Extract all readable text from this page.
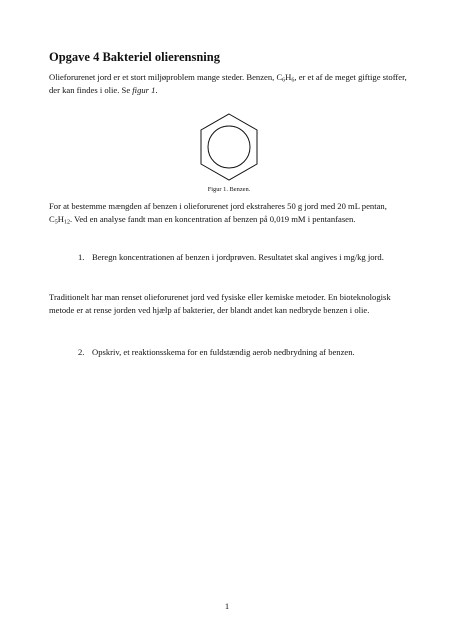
Opgave 4 Bakteriel olierensning
Olieforurenet jord er et stort miljøproblem mange steder. Benzen, $C_6H_6$, er et af de meget giftige stoffer, der kan findes i olie. Se figur 1.
Figur 1. Benzen.
For at bestemme mængden af benzen i olieforurenet jord ekstraheres 50 g jord med 20 mL pentan, $C_5H_{12}$. Ved en analyse fandt man en koncentration af benzen på 0,019 mM i pentanfasen.
1. Beregn koncentrationen af benzen i jordprøven. Resultatet skal angives i mg/kg jord.
Traditionelt har man renset olieforurenet jord ved fysiske eller kemiske metoder. En bioteknologisk metode er at rense jorden ved hjælp af bakterier, der blandt andet kan nedbryde benzen i olie.
2. Opskriv, et reaktionsskema for en fuldstændig aerob nedbrydning af benzen.
1
